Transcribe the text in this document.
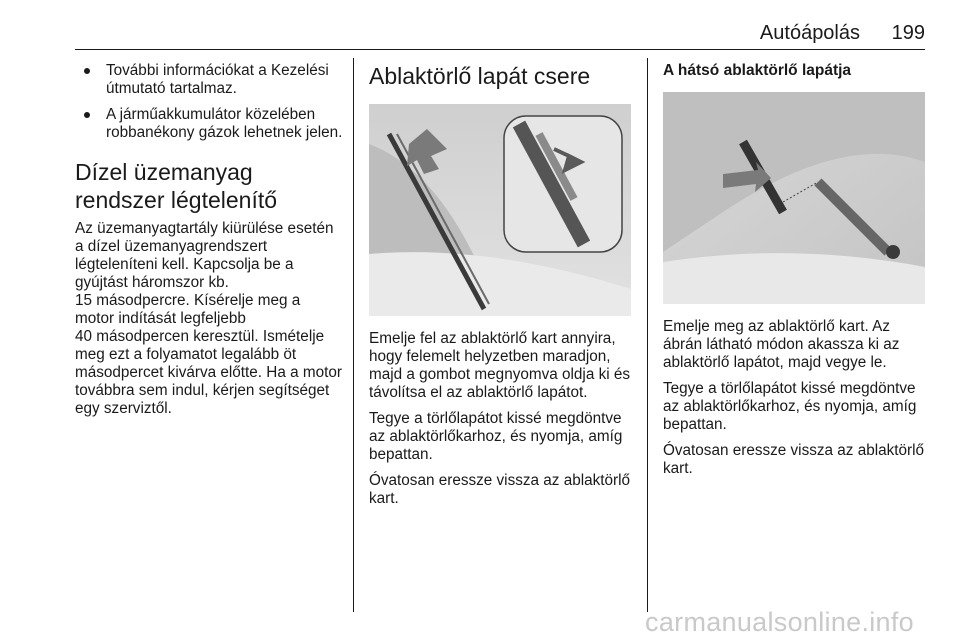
Autóápolás 199
További információkat a Kezelési útmutató tartalmaz.
A járműakkumulátor közelében robbanékony gázok lehetnek jelen.
Dízel üzemanyag rendszer légtelenítő

Az üzemanyagtartály kiürülése esetén a dízel üzemanyagrendszert légteleníteni kell. Kapcsolja be a gyújtást háromszor kb.

15 másodpercre. Kísérelje meg a motor indítását legfeljebb

40 másodpercen keresztül. Ismételje meg ezt a folyamatot legalább öt másodpercet kivárva előtte. Ha a motor továbbra sem indul, kérjen segítséget egy szerviztől.

Ablaktörlő lapát csere

Emelje fel az ablaktörlő kart annyira, hogy felemelt helyzetben maradjon, majd a gombot megnyomva oldja ki és távolítsa el az ablaktörlő lapátot.

Tegye a törlőlapátot kissé megdöntve az ablaktörlőkarhoz, és nyomja, amíg bepattan.

Óvatosan eressze vissza az ablaktörlő kart.

A hátsó ablaktörlő lapátja

Emelje meg az ablaktörlő kart. Az ábrán látható módon akassza ki az ablaktörlő lapátot, majd vegye le.

Tegye a törlőlapátot kissé megdöntve az ablaktörlőkarhoz, és nyomja, amíg bepattan.

Óvatosan eressze vissza az ablaktörlő kart.

carmanualsonline.info
